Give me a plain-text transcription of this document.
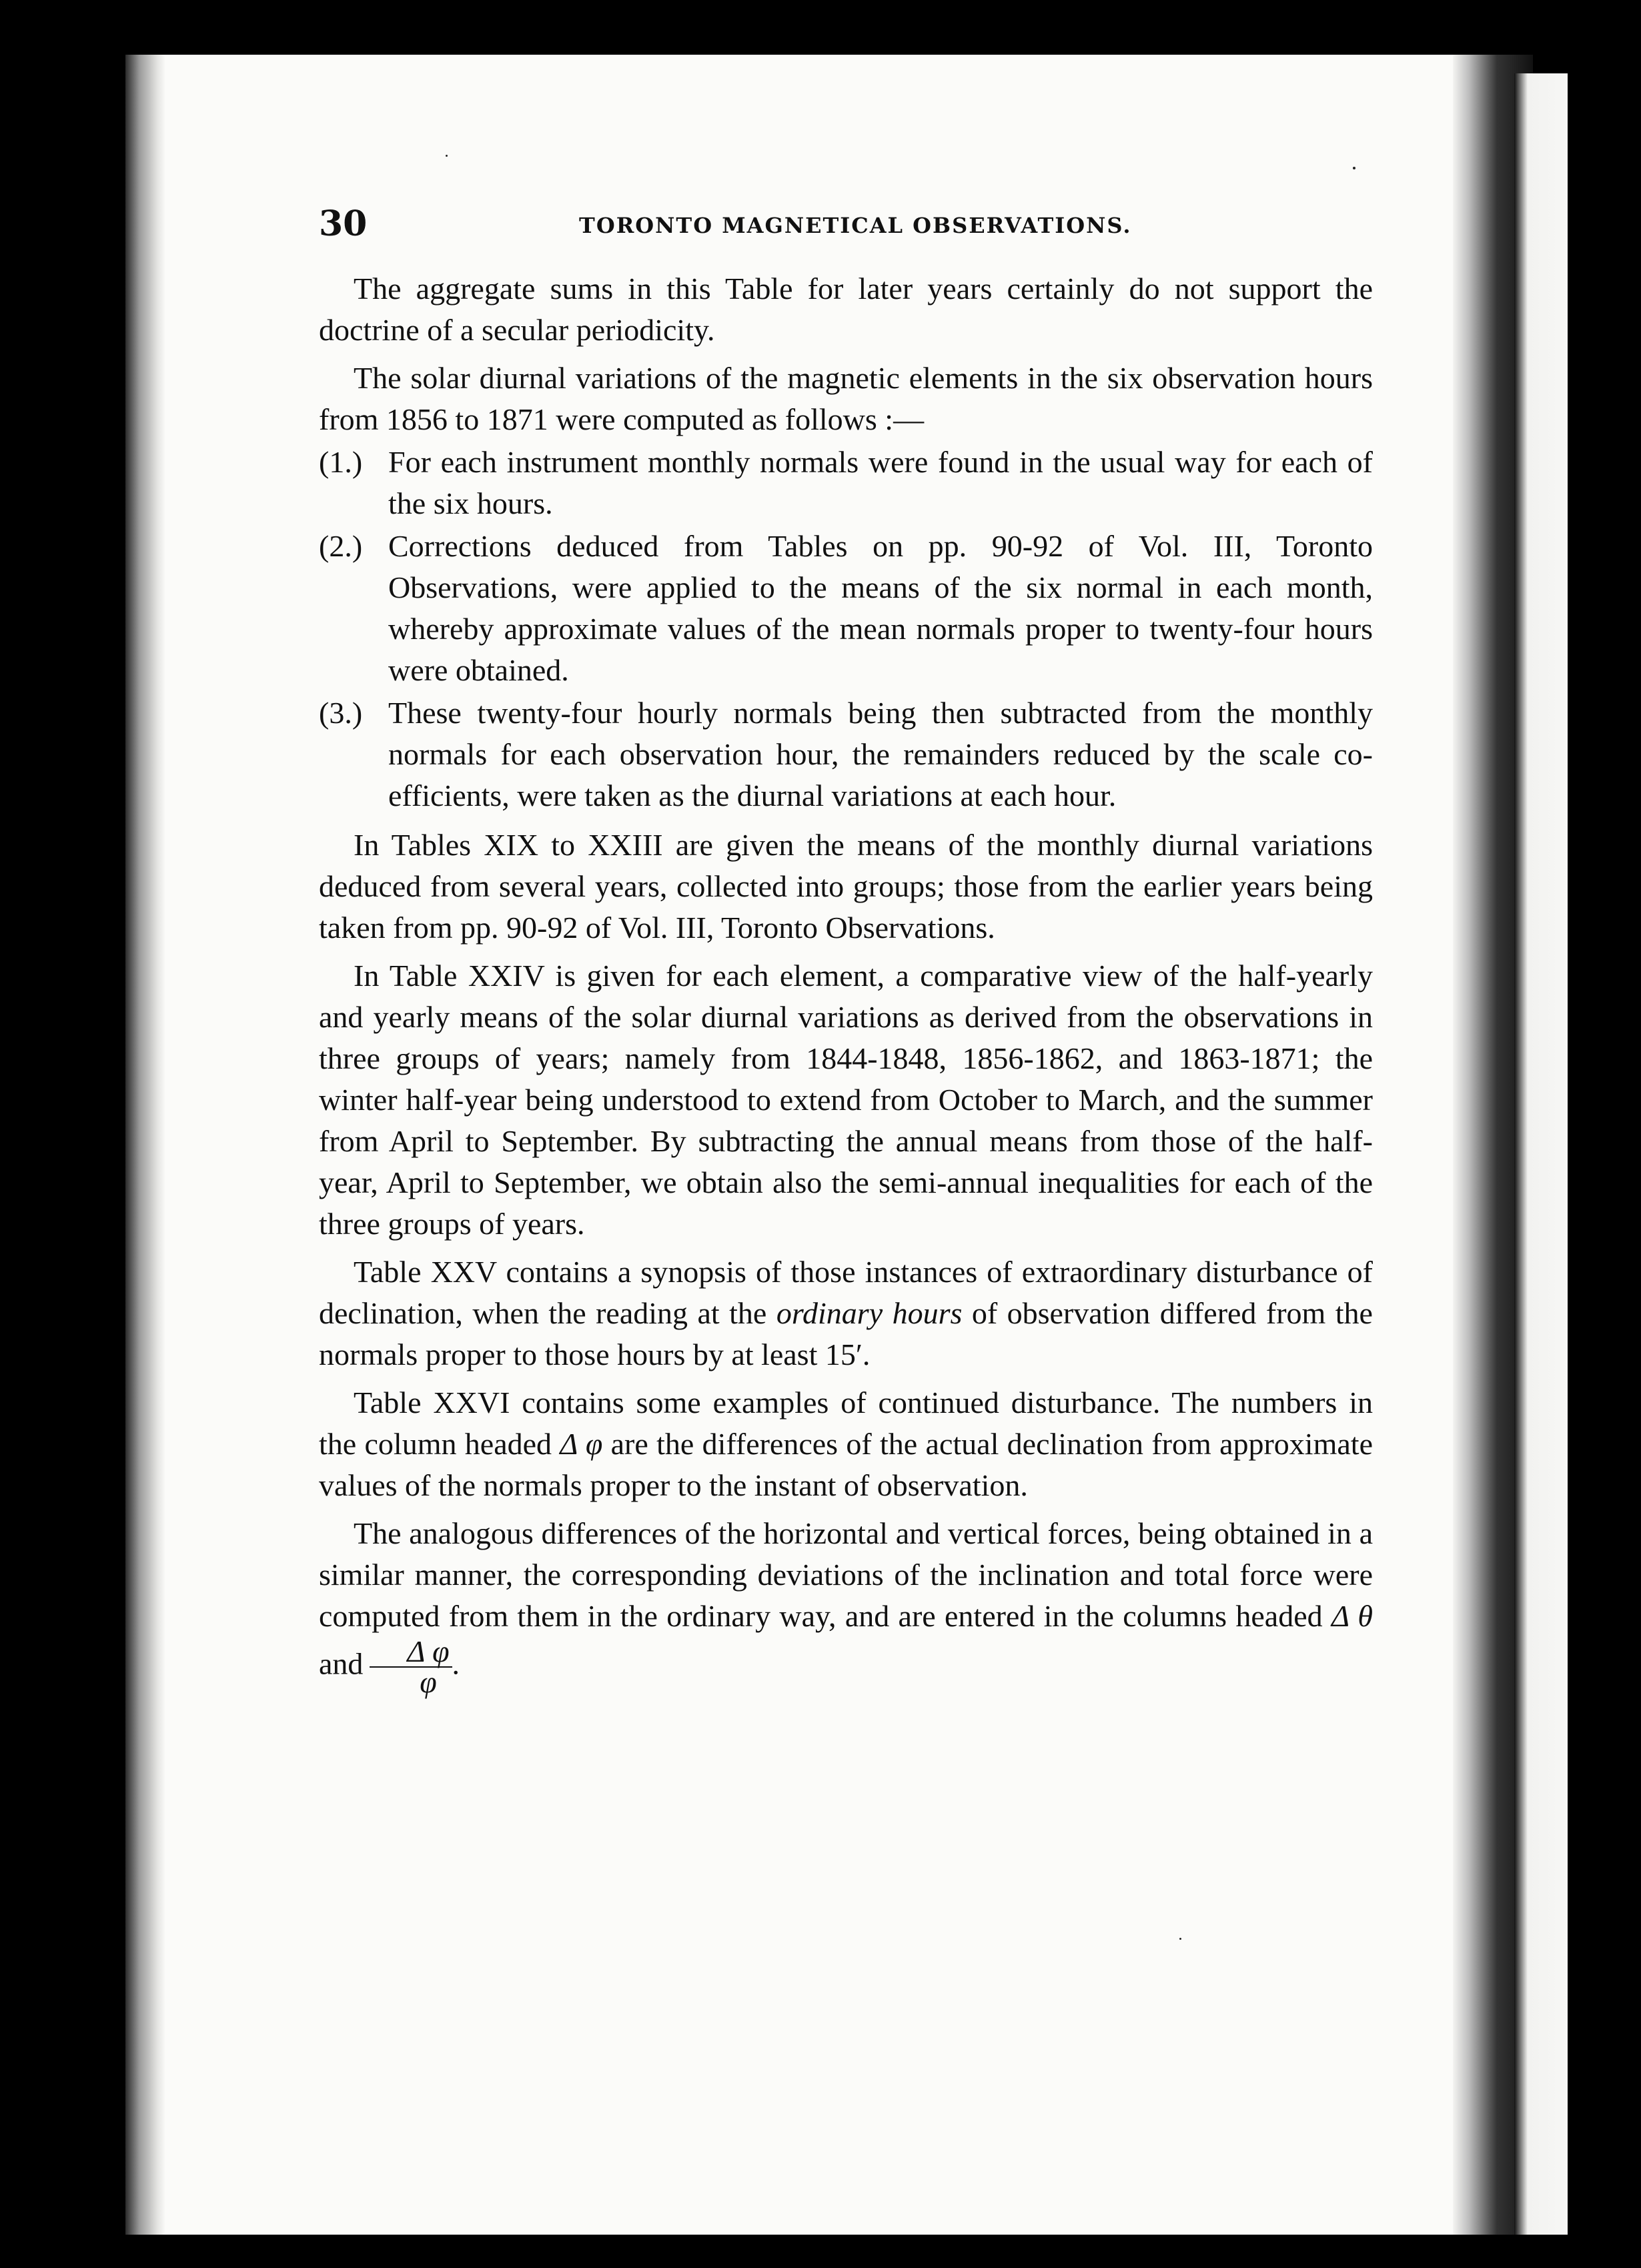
30	TORONTO MAGNETICAL OBSERVATIONS.

The aggregate sums in this Table for later years certainly do not support the doctrine of a secular periodicity.

The solar diurnal variations of the magnetic elements in the six observation hours from 1856 to 1871 were computed as follows :—

(1.) For each instrument monthly normals were found in the usual way for each of the six hours.
(2.) Corrections deduced from Tables on pp. 90-92 of Vol. III, Toronto Observations, were applied to the means of the six normal in each month, whereby approximate values of the mean normals proper to twenty-four hours were obtained.
(3.) These twenty-four hourly normals being then subtracted from the monthly normals for each observation hour, the remainders reduced by the scale co-efficients, were taken as the diurnal variations at each hour.

In Tables XIX to XXIII are given the means of the monthly diurnal variations deduced from several years, collected into groups; those from the earlier years being taken from pp. 90-92 of Vol. III, Toronto Observations.

In Table XXIV is given for each element, a comparative view of the half-yearly and yearly means of the solar diurnal variations as derived from the observations in three groups of years; namely from 1844-1848, 1856-1862, and 1863-1871; the winter half-year being understood to extend from October to March, and the summer from April to September. By subtracting the annual means from those of the half-year, April to September, we obtain also the semi-annual inequalities for each of the three groups of years.

Table XXV contains a synopsis of those instances of extraordinary disturbance of declination, when the reading at the ordinary hours of observation differed from the normals proper to those hours by at least 15′.

Table XXVI contains some examples of continued disturbance. The numbers in the column headed Δ φ are the differences of the actual declination from approximate values of the normals proper to the instant of observation.

The analogous differences of the horizontal and vertical forces, being obtained in a similar manner, the corresponding deviations of the inclination and total force were computed from them in the ordinary way, and are entered in the columns headed Δ θ and $\frac{\text{Δ φ}}{\varphi}$ .
